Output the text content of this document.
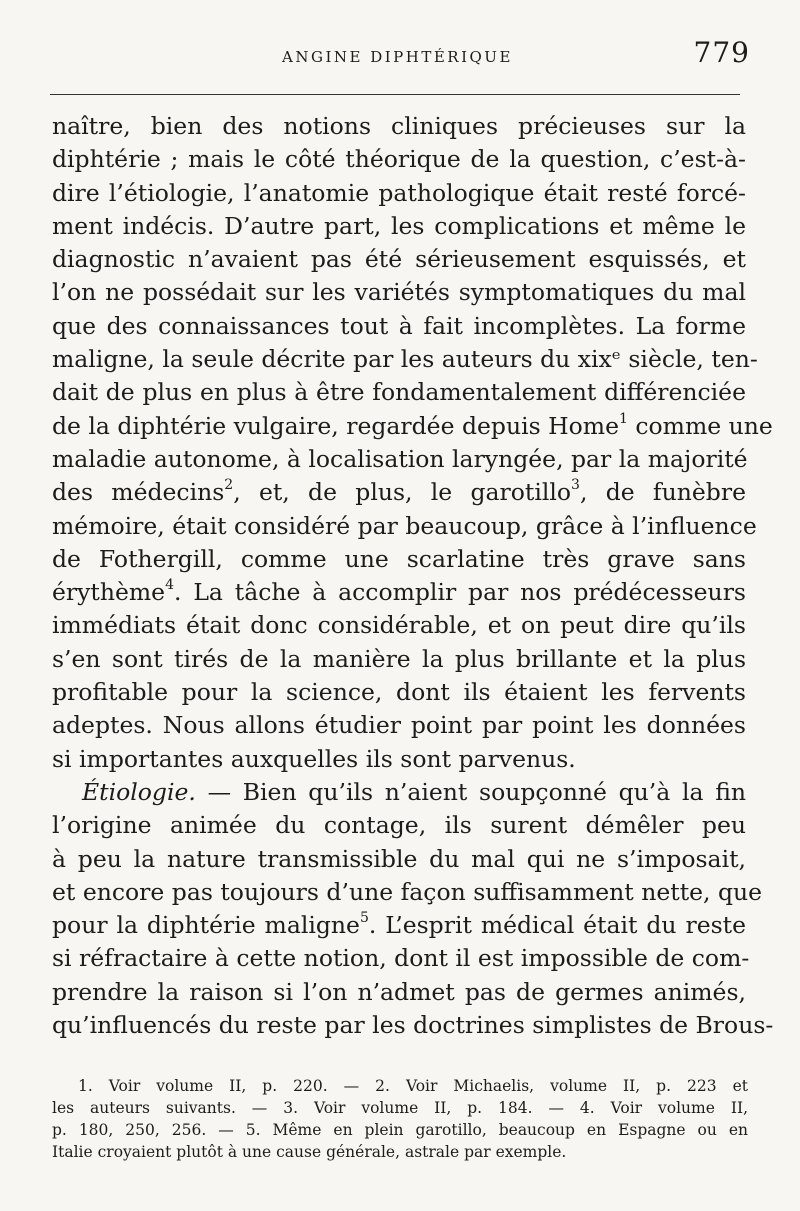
ANGINE DIPHTÉRIQUE	779
naître, bien des notions cliniques précieuses sur la
diphtérie ; mais le côté théorique de la question, c’est-à-
dire l’étiologie, l’anatomie pathologique était resté forcé-
ment indécis. D’autre part, les complications et même le
diagnostic n’avaient pas été sérieusement esquissés, et
l’on ne possédait sur les variétés symptomatiques du mal
que des connaissances tout à fait incomplètes. La forme
maligne, la seule décrite par les auteurs du xixᵉ siècle, ten-
dait de plus en plus à être fondamentalement différenciée
de la diphtérie vulgaire, regardée depuis Home$^1$ comme une
maladie autonome, à localisation laryngée, par la majorité
des médecins$^2$, et, de plus, le garotillo$^3$, de funèbre
mémoire, était considéré par beaucoup, grâce à l’influence
de Fothergill, comme une scarlatine très grave sans
érythème$^4$. La tâche à accomplir par nos prédécesseurs
immédiats était donc considérable, et on peut dire qu’ils
s’en sont tirés de la manière la plus brillante et la plus
profitable pour la science, dont ils étaient les fervents
adeptes. Nous allons étudier point par point les données
si importantes auxquelles ils sont parvenus.
Étiologie. — Bien qu’ils n’aient soupçonné qu’à la fin
l’origine animée du contage, ils surent démêler peu
à peu la nature transmissible du mal qui ne s’imposait,
et encore pas toujours d’une façon suffisamment nette, que
pour la diphtérie maligne$^5$. L’esprit médical était du reste
si réfractaire à cette notion, dont il est impossible de com-
prendre la raison si l’on n’admet pas de germes animés,
qu’influencés du reste par les doctrines simplistes de Brous-
1. Voir volume II, p. 220. — 2. Voir Michaelis, volume II, p. 223 et
les auteurs suivants. — 3. Voir volume II, p. 184. — 4. Voir volume II,
p. 180, 250, 256. — 5. Même en plein garotillo, beaucoup en Espagne ou en
Italie croyaient plutôt à une cause générale, astrale par exemple.
